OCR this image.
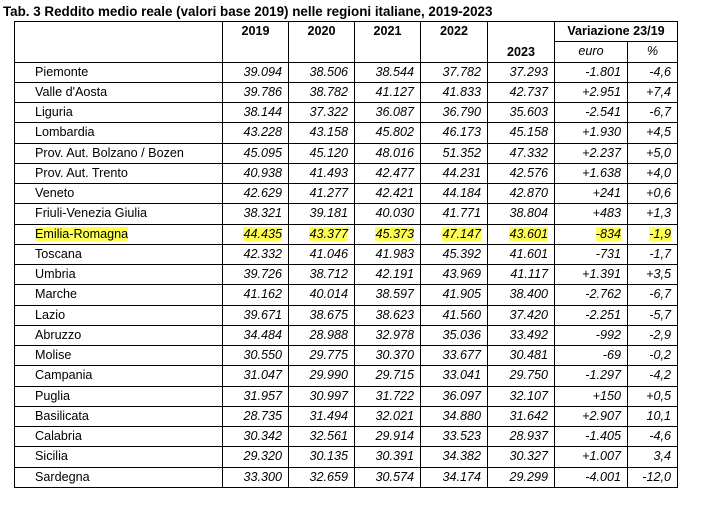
Tab. 3 Reddito medio reale (valori base 2019) nelle regioni italiane, 2019-2023
	2019	2020	2021	2022	2023	Variazione 23/19	
						euro	%
Piemonte	39.094	38.506	38.544	37.782	37.293	-1.801	-4,6
Valle d'Aosta	39.786	38.782	41.127	41.833	42.737	+2.951	+7,4
Liguria	38.144	37.322	36.087	36.790	35.603	-2.541	-6,7
Lombardia	43.228	43.158	45.802	46.173	45.158	+1.930	+4,5
Prov. Aut. Bolzano / Bozen	45.095	45.120	48.016	51.352	47.332	+2.237	+5,0
Prov. Aut. Trento	40.938	41.493	42.477	44.231	42.576	+1.638	+4,0
Veneto	42.629	41.277	42.421	44.184	42.870	+241	+0,6
Friuli-Venezia Giulia	38.321	39.181	40.030	41.771	38.804	+483	+1,3
Emilia-Romagna	44.435	43.377	45.373	47.147	43.601	-834	-1,9
Toscana	42.332	41.046	41.983	45.392	41.601	-731	-1,7
Umbria	39.726	38.712	42.191	43.969	41.117	+1.391	+3,5
Marche	41.162	40.014	38.597	41.905	38.400	-2.762	-6,7
Lazio	39.671	38.675	38.623	41.560	37.420	-2.251	-5,7
Abruzzo	34.484	28.988	32.978	35.036	33.492	-992	-2,9
Molise	30.550	29.775	30.370	33.677	30.481	-69	-0,2
Campania	31.047	29.990	29.715	33.041	29.750	-1.297	-4,2
Puglia	31.957	30.997	31.722	36.097	32.107	+150	+0,5
Basilicata	28.735	31.494	32.021	34.880	31.642	+2.907	10,1
Calabria	30.342	32.561	29.914	33.523	28.937	-1.405	-4,6
Sicilia	29.320	30.135	30.391	34.382	30.327	+1.007	3,4
Sardegna	33.300	32.659	30.574	34.174	29.299	-4.001	-12,0
